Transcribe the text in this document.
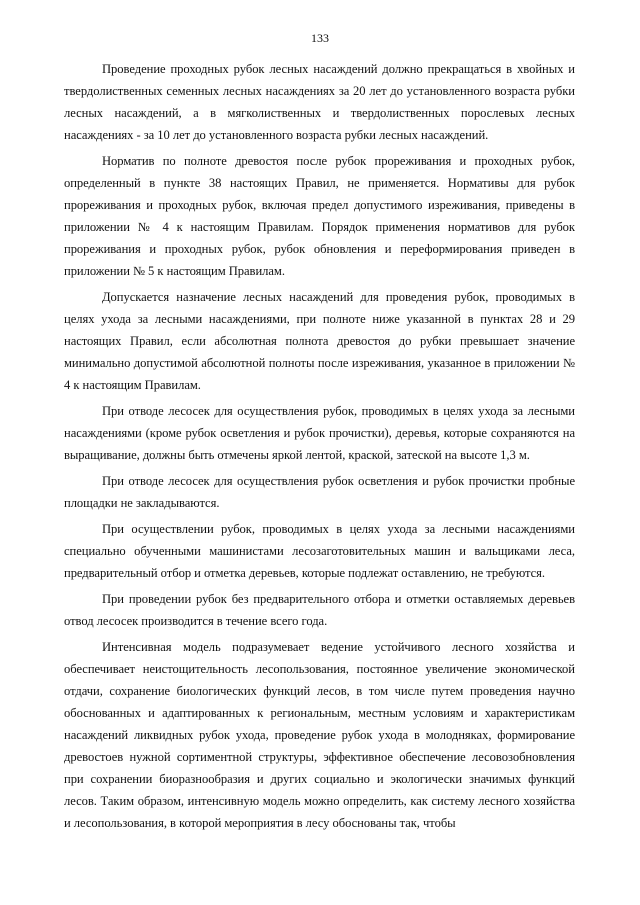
133

Проведение проходных рубок лесных насаждений должно прекращаться в хвойных и твердолиственных семенных лесных насаждениях за 20 лет до установленного возраста рубки лесных насаждений, а в мягколиственных и твердолиственных порослевых лесных насаждениях - за 10 лет до установленного возраста рубки лесных насаждений.

Норматив по полноте древостоя после рубок прореживания и проходных рубок, определенный в пункте 38 настоящих Правил, не применяется. Нормативы для рубок прореживания и проходных рубок, включая предел допустимого изреживания, приведены в приложении № 4 к настоящим Правилам. Порядок применения нормативов для рубок прореживания и проходных рубок, рубок обновления и переформирования приведен в приложении № 5 к настоящим Правилам.

Допускается назначение лесных насаждений для проведения рубок, проводимых в целях ухода за лесными насаждениями, при полноте ниже указанной в пунктах 28 и 29 настоящих Правил, если абсолютная полнота древостоя до рубки превышает значение минимально допустимой абсолютной полноты после изреживания, указанное в приложении № 4 к настоящим Правилам.

При отводе лесосек для осуществления рубок, проводимых в целях ухода за лесными насаждениями (кроме рубок осветления и рубок прочистки), деревья, которые сохраняются на выращивание, должны быть отмечены яркой лентой, краской, затеской на высоте 1,3 м.

При отводе лесосек для осуществления рубок осветления и рубок прочистки пробные площадки не закладываются.

При осуществлении рубок, проводимых в целях ухода за лесными насаждениями специально обученными машинистами лесозаготовительных машин и вальщиками леса, предварительный отбор и отметка деревьев, которые подлежат оставлению, не требуются.

При проведении рубок без предварительного отбора и отметки оставляемых деревьев отвод лесосек производится в течение всего года.

Интенсивная модель подразумевает ведение устойчивого лесного хозяйства и обеспечивает неистощительность лесопользования, постоянное увеличение экономической отдачи, сохранение биологических функций лесов, в том числе путем проведения научно обоснованных и адаптированных к региональным, местным условиям и характеристикам насаждений ликвидных рубок ухода, проведение рубок ухода в молодняках, формирование древостоев нужной сортиментной структуры, эффективное обеспечение лесовозобновления при сохранении биоразнообразия и других социально и экологически значимых функций лесов. Таким образом, интенсивную модель можно определить, как систему лесного хозяйства и лесопользования, в которой мероприятия в лесу обоснованы так, чтобы
